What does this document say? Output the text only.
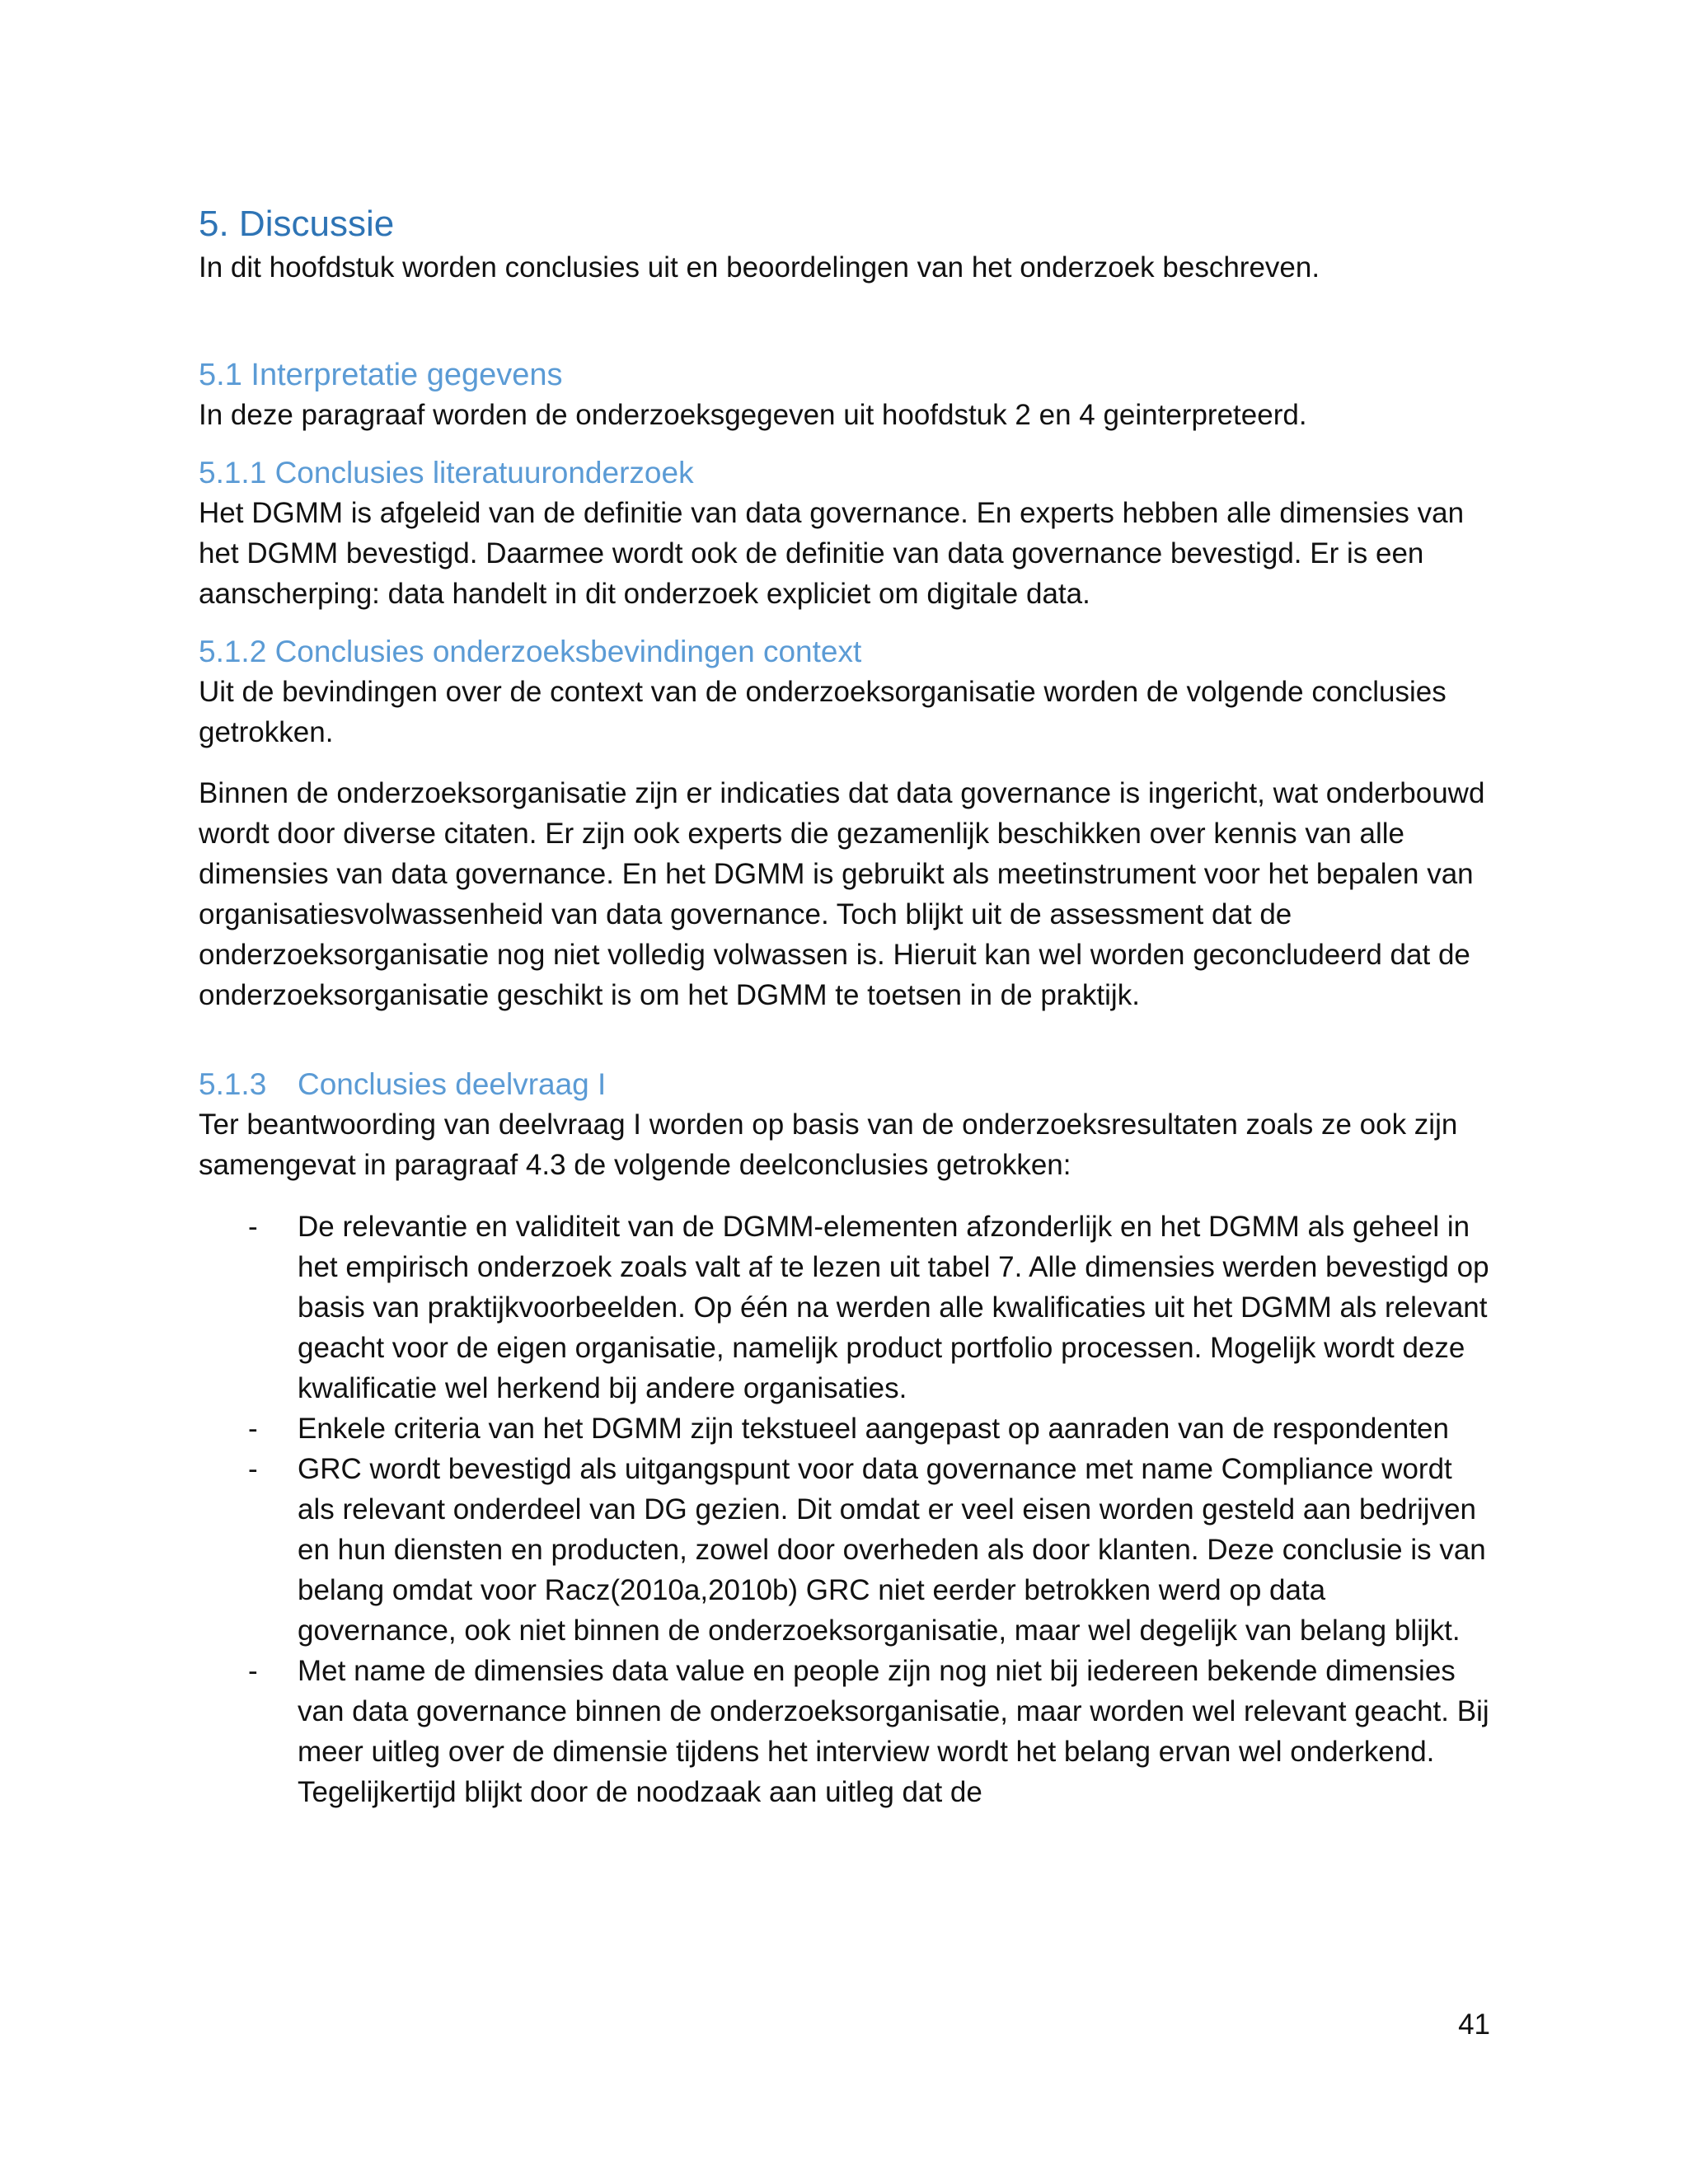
5. Discussie

In dit hoofdstuk worden conclusies uit en beoordelingen van het onderzoek beschreven.

5.1 Interpretatie gegevens

In deze paragraaf worden de onderzoeksgegeven uit hoofdstuk 2 en 4 geinterpreteerd.

5.1.1 Conclusies literatuuronderzoek

Het DGMM is afgeleid van de definitie van data governance. En experts hebben alle dimensies van het DGMM bevestigd. Daarmee wordt ook de definitie van data governance bevestigd. Er is een aanscherping: data handelt in dit onderzoek expliciet om digitale data.

5.1.2 Conclusies onderzoeksbevindingen context

Uit de bevindingen over de context van de onderzoeksorganisatie worden de volgende conclusies getrokken.

Binnen de onderzoeksorganisatie zijn er indicaties dat data governance is ingericht, wat onderbouwd wordt door diverse citaten. Er zijn ook experts die gezamenlijk beschikken over kennis van alle dimensies van data governance. En het DGMM is gebruikt als meetinstrument voor het bepalen van organisatiesvolwassenheid van data governance. Toch blijkt uit de assessment dat de onderzoeksorganisatie nog niet volledig volwassen is. Hieruit kan wel worden geconcludeerd dat de onderzoeksorganisatie geschikt is om het DGMM te toetsen in de praktijk.

5.1.3 Conclusies deelvraag I

Ter beantwoording van deelvraag I worden op basis van de onderzoeksresultaten zoals ze ook zijn samengevat in paragraaf 4.3 de volgende deelconclusies getrokken:

- De relevantie en validiteit van de DGMM-elementen afzonderlijk en het DGMM als geheel in het empirisch onderzoek zoals valt af te lezen uit tabel 7. Alle dimensies werden bevestigd op basis van praktijkvoorbeelden. Op één na werden alle kwalificaties uit het DGMM als relevant geacht voor de eigen organisatie, namelijk product portfolio processen. Mogelijk wordt deze kwalificatie wel herkend bij andere organisaties.
- Enkele criteria van het DGMM zijn tekstueel aangepast op aanraden van de respondenten
- GRC wordt bevestigd als uitgangspunt voor data governance met name Compliance wordt als relevant onderdeel van DG gezien. Dit omdat er veel eisen worden gesteld aan bedrijven en hun diensten en producten, zowel door overheden als door klanten. Deze conclusie is van belang omdat voor Racz(2010a,2010b) GRC niet eerder betrokken werd op data governance, ook niet binnen de onderzoeksorganisatie, maar wel degelijk van belang blijkt.
- Met name de dimensies data value en people zijn nog niet bij iedereen bekende dimensies van data governance binnen de onderzoeksorganisatie, maar worden wel relevant geacht. Bij meer uitleg over de dimensie tijdens het interview wordt het belang ervan wel onderkend. Tegelijkertijd blijkt door de noodzaak aan uitleg dat de
41
